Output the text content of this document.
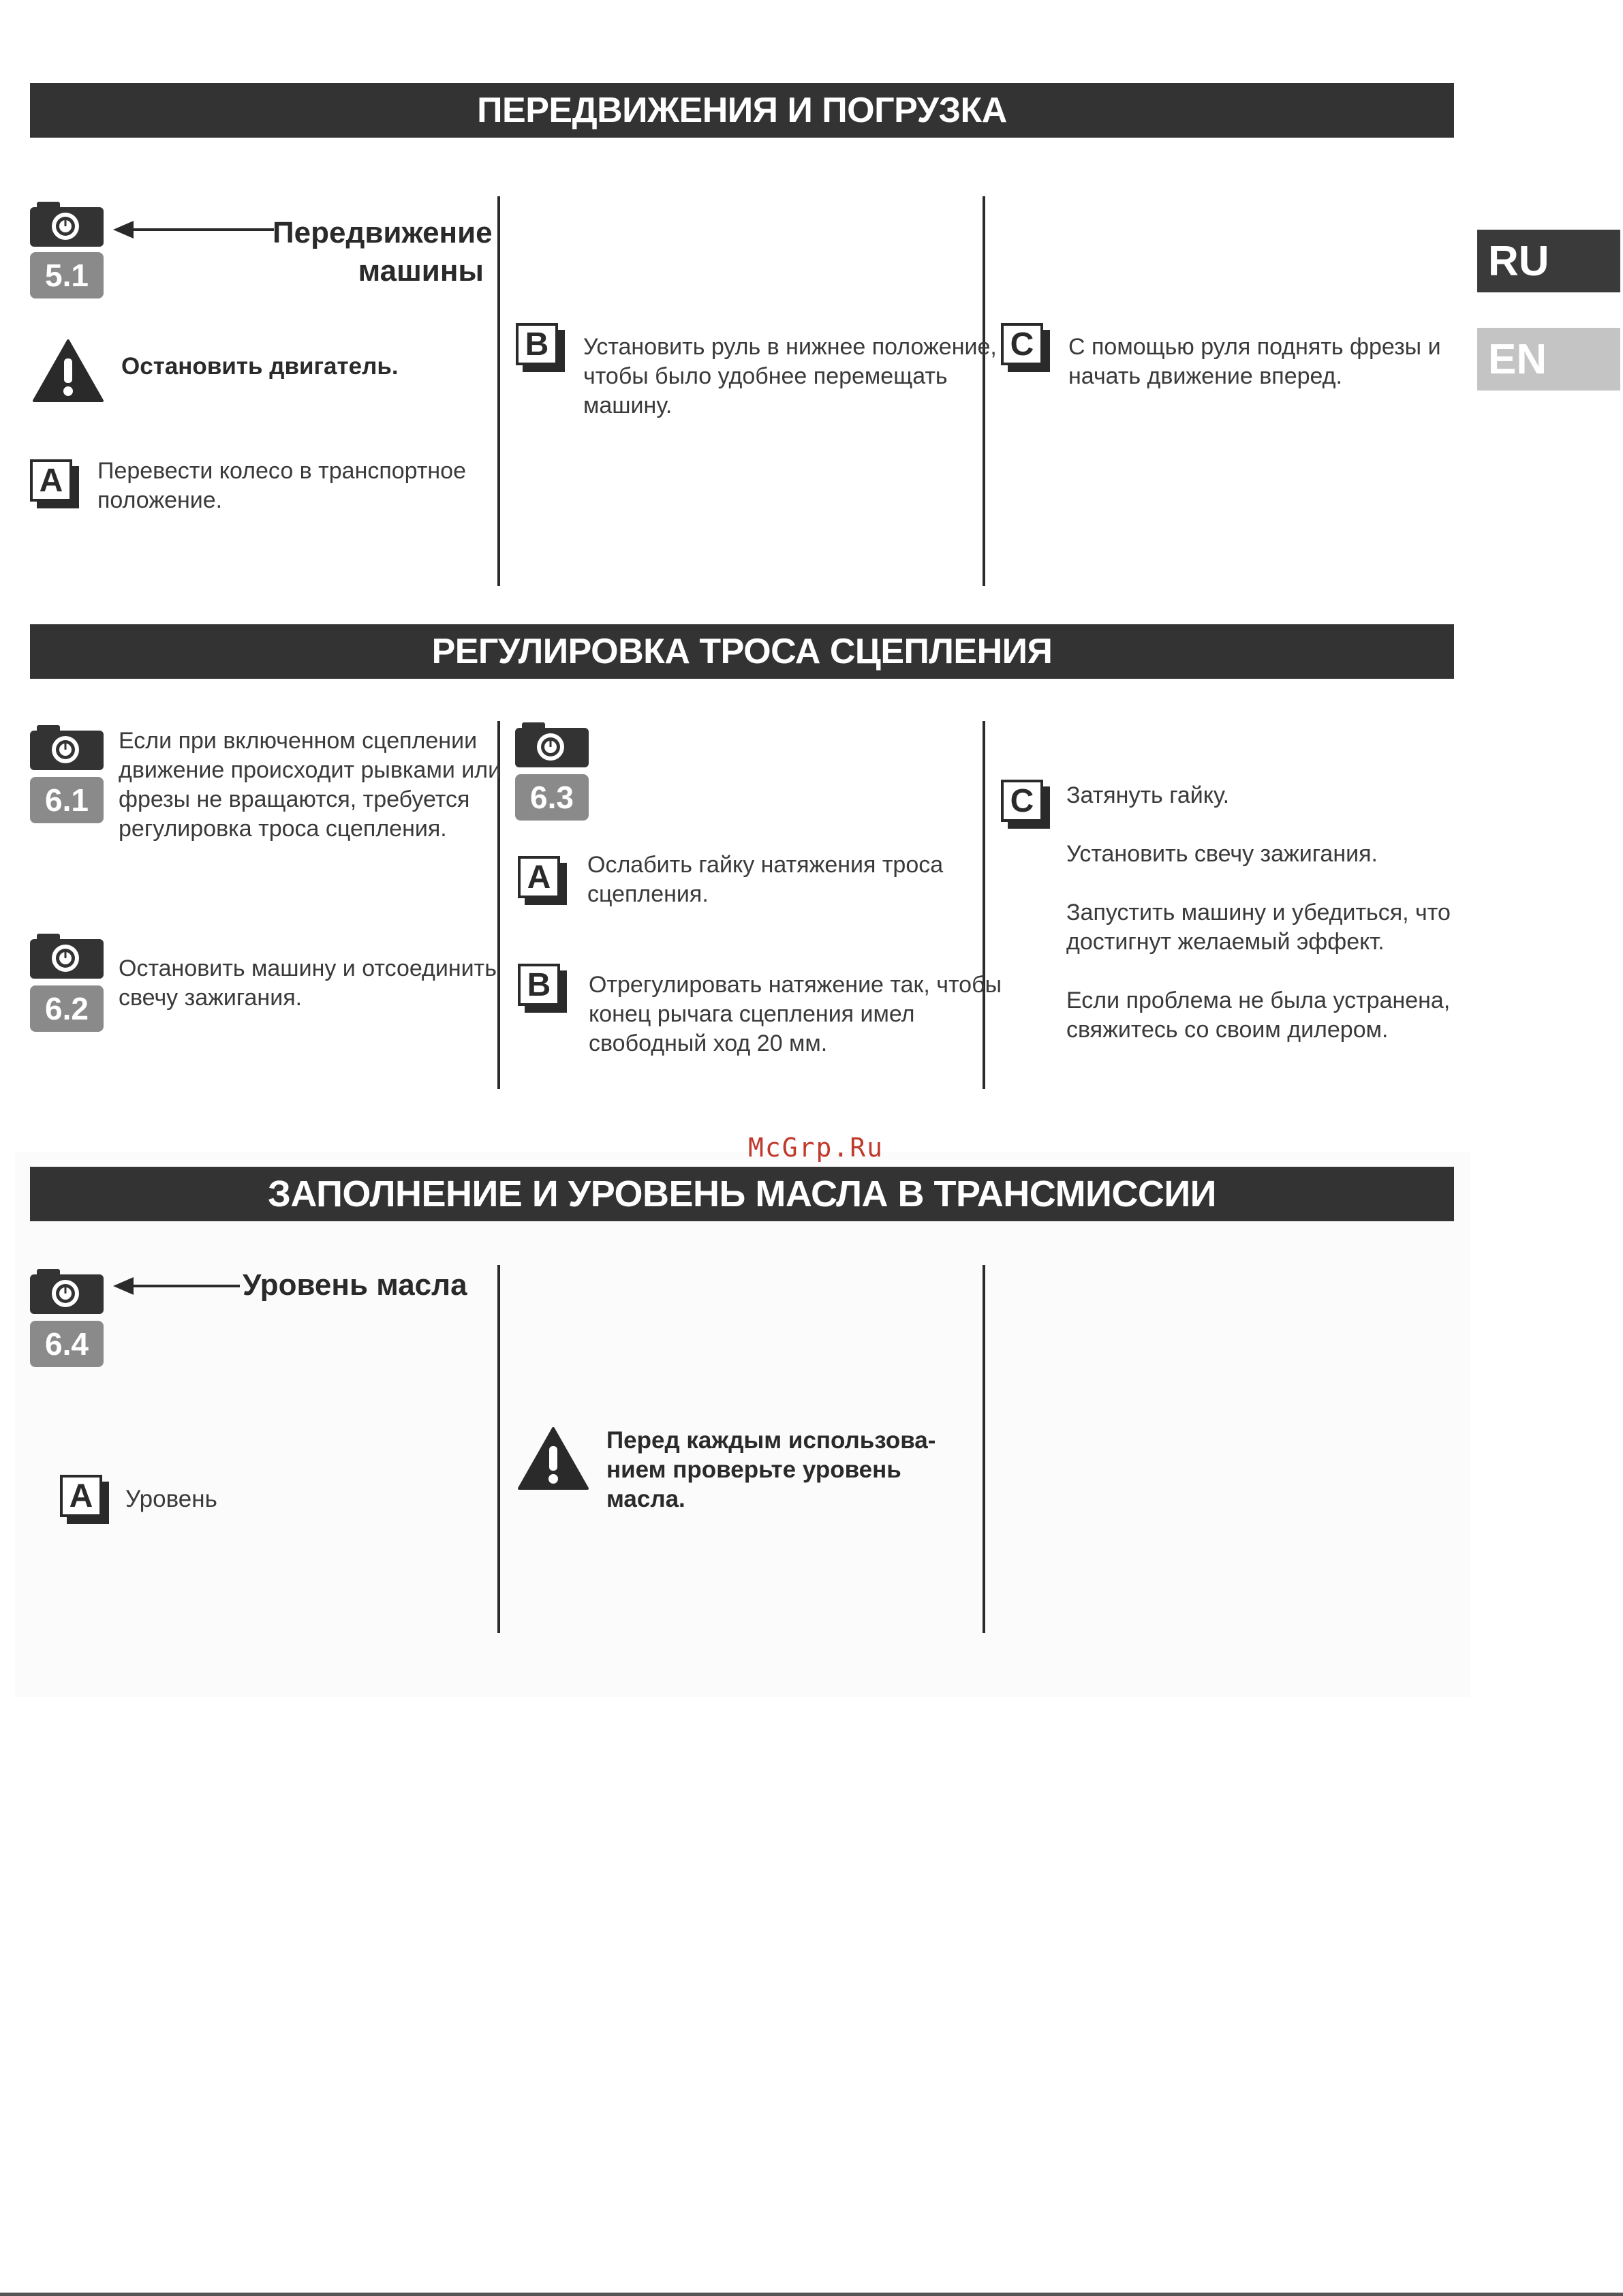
RU
EN
ПЕРЕДВИЖЕНИЯ И ПОГРУЗКА
5.1
Передвижение
машины
Остановить двигатель.
A	Перевести колесо в транспортное
положение.
B	Установить руль в нижнее положение,
чтобы было удобнее перемещать
машину.
C	С помощью руля поднять фрезы и
начать движение вперед.
РЕГУЛИРОВКА ТРОСА СЦЕПЛЕНИЯ
6.1
Если при включенном сцеплении
движение происходит рывками или
фрезы не вращаются, требуется
регулировка троса сцепления.
6.2
Остановить машину и отсоединить
свечу зажигания.
6.3
A	Ослабить гайку натяжения троса
сцепления.
B	Отрегулировать натяжение так, чтобы
конец рычага сцепления имел
свободный ход 20 мм.
C	Затянуть гайку.
Установить свечу зажигания.
Запустить машину и убедиться, что
достигнут желаемый эффект.
Если проблема не была устранена,
свяжитесь со своим дилером.
McGrp.Ru
ЗАПОЛНЕНИЕ И УРОВЕНЬ МАСЛА В ТРАНСМИССИИ
6.4
Уровень масла
A	Уровень
Перед каждым использова-
нием проверьте уровень
масла.
